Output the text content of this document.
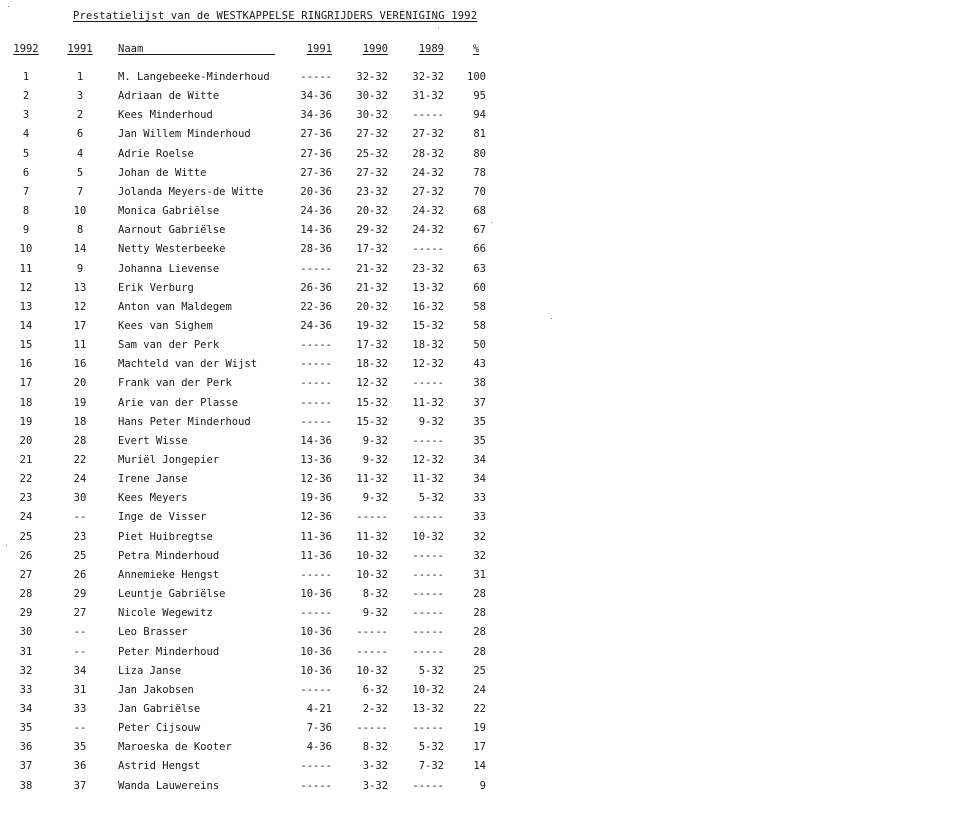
Prestatielijst van de WESTKAPPELSE RINGRIJDERS VERENIGING 1992
1992	1991	Naam	1991	1990	1989	%
1	1	M. Langebeeke-Minderhoud	-----	32-32	32-32	100
2	3	Adriaan de Witte	34-36	30-32	31-32	95
3	2	Kees Minderhoud	34-36	30-32	-----	94
4	6	Jan Willem Minderhoud	27-36	27-32	27-32	81
5	4	Adrie Roelse	27-36	25-32	28-32	80
6	5	Johan de Witte	27-36	27-32	24-32	78
7	7	Jolanda Meyers-de Witte	20-36	23-32	27-32	70
8	10	Monica Gabriëlse	24-36	20-32	24-32	68
9	8	Aarnout Gabriëlse	14-36	29-32	24-32	67
10	14	Netty Westerbeeke	28-36	17-32	-----	66
11	9	Johanna Lievense	-----	21-32	23-32	63
12	13	Erik Verburg	26-36	21-32	13-32	60
13	12	Anton van Maldegem	22-36	20-32	16-32	58
14	17	Kees van Sighem	24-36	19-32	15-32	58
15	11	Sam van der Perk	-----	17-32	18-32	50
16	16	Machteld van der Wijst	-----	18-32	12-32	43
17	20	Frank van der Perk	-----	12-32	-----	38
18	19	Arie van der Plasse	-----	15-32	11-32	37
19	18	Hans Peter Minderhoud	-----	15-32	9-32	35
20	28	Evert Wisse	14-36	9-32	-----	35
21	22	Muriël Jongepier	13-36	9-32	12-32	34
22	24	Irene Janse	12-36	11-32	11-32	34
23	30	Kees Meyers	19-36	9-32	5-32	33
24	--	Inge de Visser	12-36	-----	-----	33
25	23	Piet Huibregtse	11-36	11-32	10-32	32
26	25	Petra Minderhoud	11-36	10-32	-----	32
27	26	Annemieke Hengst	-----	10-32	-----	31
28	29	Leuntje Gabriëlse	10-36	8-32	-----	28
29	27	Nicole Wegewitz	-----	9-32	-----	28
30	--	Leo Brasser	10-36	-----	-----	28
31	--	Peter Minderhoud	10-36	-----	-----	28
32	34	Liza Janse	10-36	10-32	5-32	25
33	31	Jan Jakobsen	-----	6-32	10-32	24
34	33	Jan Gabriëlse	4-21	2-32	13-32	22
35	--	Peter Cijsouw	7-36	-----	-----	19
36	35	Maroeska de Kooter	4-36	8-32	5-32	17
37	36	Astrid Hengst	-----	3-32	7-32	14
38	37	Wanda Lauwereins	-----	3-32	-----	9
